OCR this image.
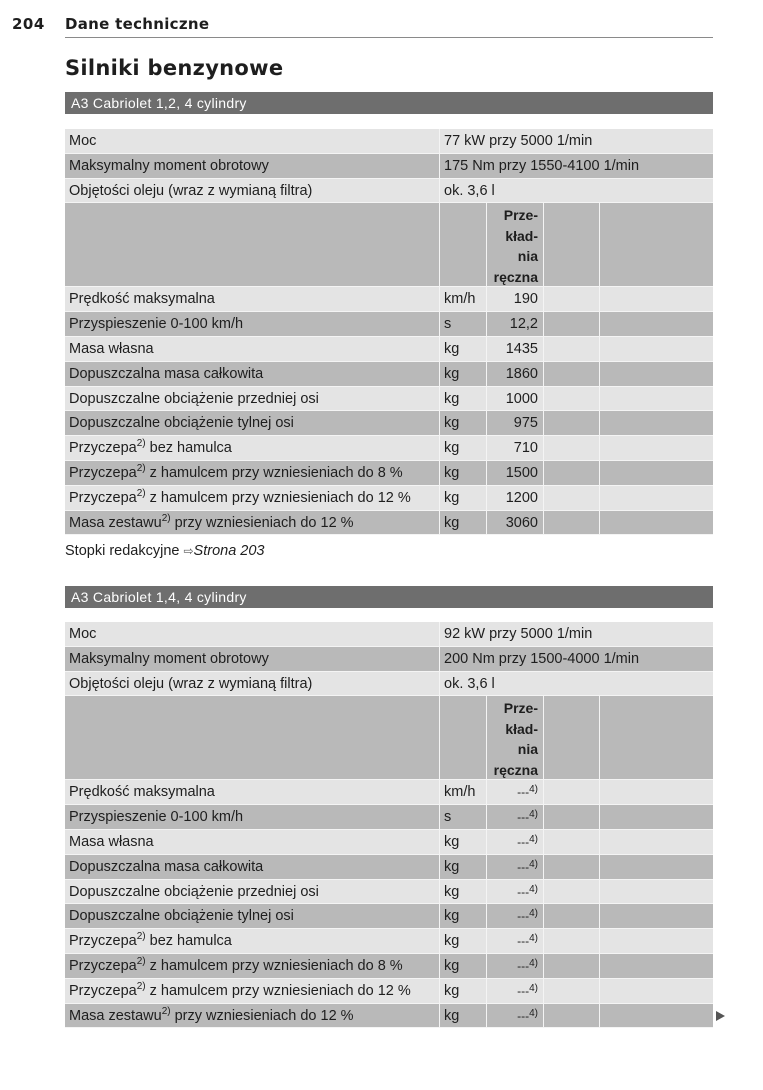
204 Dane techniczne
Silniki benzynowe
A3 Cabriolet 1,2, 4 cylindry
Moc	77 kW przy 5000 1/min
Maksymalny moment obrotowy	175 Nm przy 1550-4100 1/min
Objętości oleju (wraz z wymianą filtra)	ok. 3,6 l
Prze-
kład-
nia
ręczna
Prędkość maksymalna	km/h	190
Przyspieszenie 0-100 km/h	s	12,2
Masa własna	kg	1435
Dopuszczalna masa całkowita	kg	1860
Dopuszczalne obciążenie przedniej osi	kg	1000
Dopuszczalne obciążenie tylnej osi	kg	975
Przyczepa$^{2)}$ bez hamulca	kg	710
Przyczepa$^{2)}$ z hamulcem przy wzniesieniach do 8 %	kg	1500
Przyczepa$^{2)}$ z hamulcem przy wzniesieniach do 12 %	kg	1200
Masa zestawu$^{2)}$ przy wzniesieniach do 12 %	kg	3060
Stopki redakcyjne ⇨Strona 203
A3 Cabriolet 1,4, 4 cylindry
Moc	92 kW przy 5000 1/min
Maksymalny moment obrotowy	200 Nm przy 1500-4000 1/min
Objętości oleju (wraz z wymianą filtra)	ok. 3,6 l
Prze-
kład-
nia
ręczna
Prędkość maksymalna	km/h	---$^{4)}$
Przyspieszenie 0-100 km/h	s	---$^{4)}$
Masa własna	kg	---$^{4)}$
Dopuszczalna masa całkowita	kg	---$^{4)}$
Dopuszczalne obciążenie przedniej osi	kg	---$^{4)}$
Dopuszczalne obciążenie tylnej osi	kg	---$^{4)}$
Przyczepa$^{2)}$ bez hamulca	kg	---$^{4)}$
Przyczepa$^{2)}$ z hamulcem przy wzniesieniach do 8 %	kg	---$^{4)}$
Przyczepa$^{2)}$ z hamulcem przy wzniesieniach do 12 %	kg	---$^{4)}$
Masa zestawu$^{2)}$ przy wzniesieniach do 12 %	kg	---$^{4)}$
